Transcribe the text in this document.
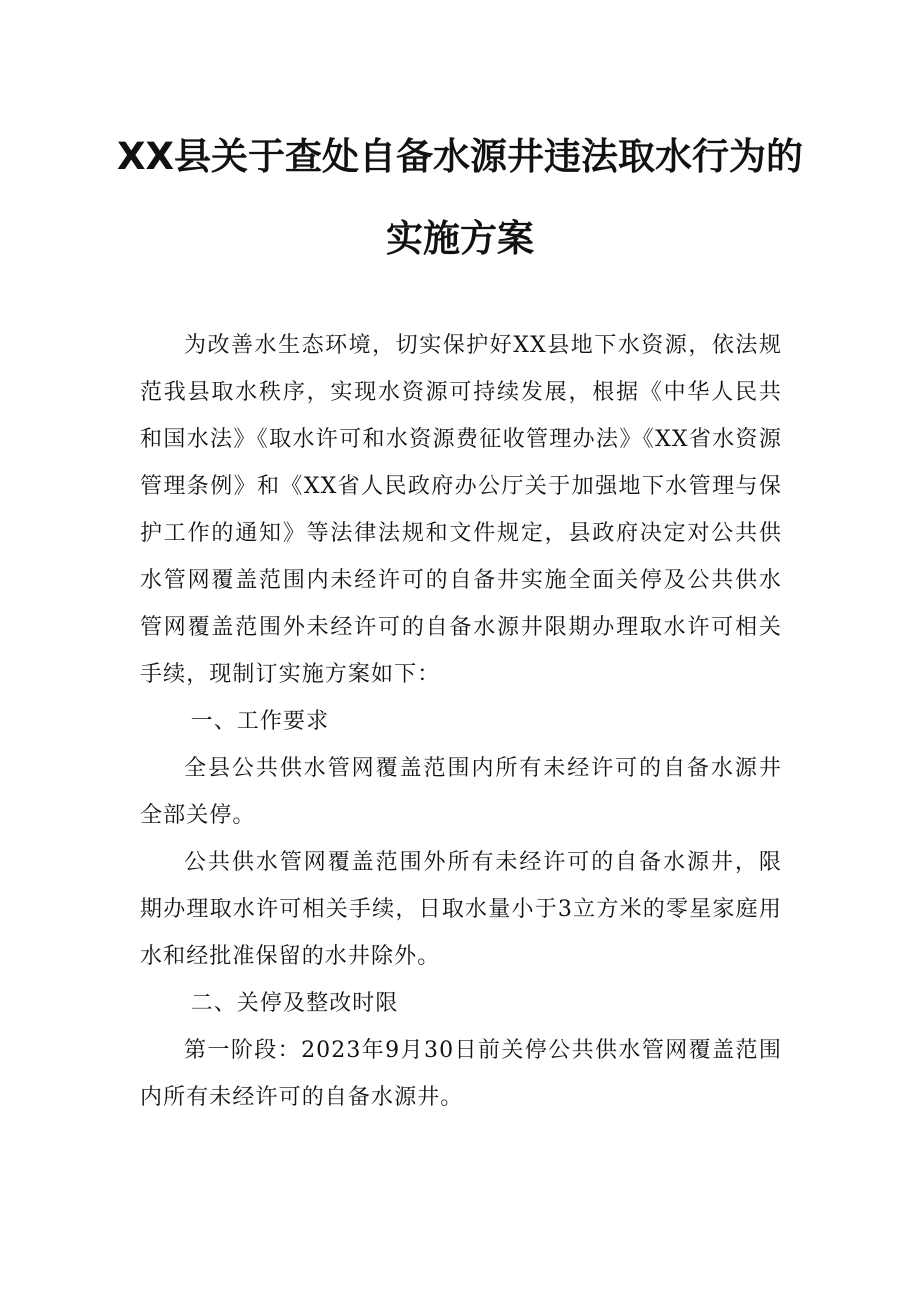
XX县关于查处自备水源井违法取水行为的
实施方案

为改善水生态环境，切实保护好XX县地下水资源，依法规范我县取水秩序，实现水资源可持续发展，根据《中华人民共和国水法》《取水许可和水资源费征收管理办法》《XX省水资源管理条例》和《XX省人民政府办公厅关于加强地下水管理与保护工作的通知》等法律法规和文件规定，县政府决定对公共供水管网覆盖范围内未经许可的自备井实施全面关停及公共供水管网覆盖范围外未经许可的自备水源井限期办理取水许可相关手续，现制订实施方案如下：

一、工作要求

全县公共供水管网覆盖范围内所有未经许可的自备水源井全部关停。

公共供水管网覆盖范围外所有未经许可的自备水源井，限期办理取水许可相关手续，日取水量小于3立方米的零星家庭用水和经批准保留的水井除外。

二、关停及整改时限

第一阶段：2023年9月30日前关停公共供水管网覆盖范围内所有未经许可的自备水源井。
